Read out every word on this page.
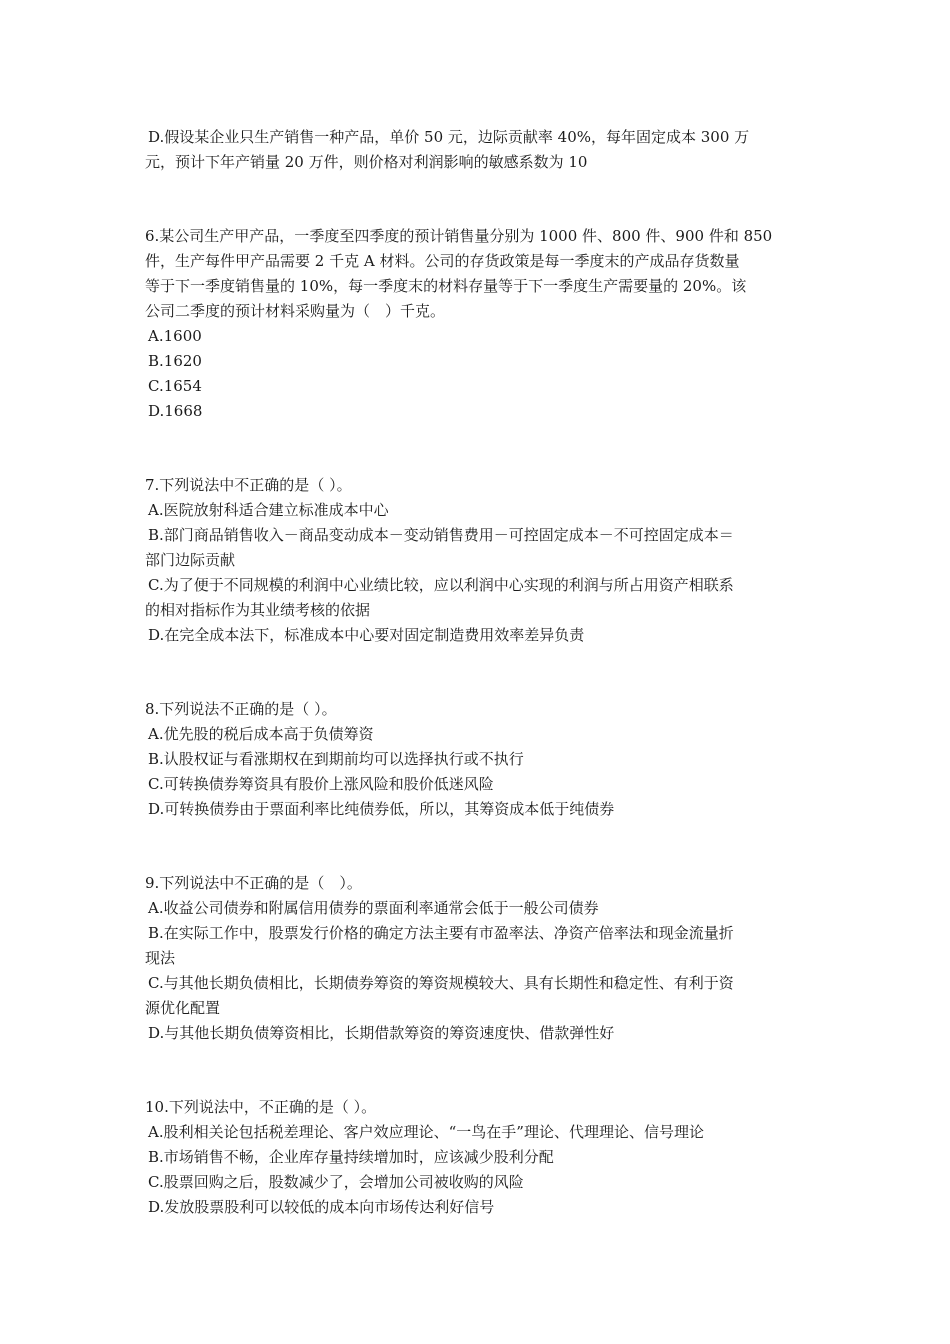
D.假设某企业只生产销售一种产品，单价 50 元，边际贡献率 40%，每年固定成本 300 万
元，预计下年产销量 20 万件，则价格对利润影响的敏感系数为 10
6.某公司生产甲产品，一季度至四季度的预计销售量分别为 1000 件、800 件、900 件和 850
件，生产每件甲产品需要 2 千克 A 材料。公司的存货政策是每一季度末的产成品存货数量
等于下一季度销售量的 10%，每一季度末的材料存量等于下一季度生产需要量的 20%。该
公司二季度的预计材料采购量为（　）千克。
A.1600
B.1620
C.1654
D.1668
7.下列说法中不正确的是（ ）。
A.医院放射科适合建立标准成本中心
B.部门商品销售收入－商品变动成本－变动销售费用－可控固定成本－不可控固定成本＝
部门边际贡献
C.为了便于不同规模的利润中心业绩比较，应以利润中心实现的利润与所占用资产相联系
的相对指标作为其业绩考核的依据
D.在完全成本法下，标准成本中心要对固定制造费用效率差异负责
8.下列说法不正确的是（ ）。
A.优先股的税后成本高于负债筹资
B.认股权证与看涨期权在到期前均可以选择执行或不执行
C.可转换债券筹资具有股价上涨风险和股价低迷风险
D.可转换债券由于票面利率比纯债券低，所以，其筹资成本低于纯债券
9.下列说法中不正确的是（　）。
A.收益公司债券和附属信用债券的票面利率通常会低于一般公司债券
B.在实际工作中，股票发行价格的确定方法主要有市盈率法、净资产倍率法和现金流量折
现法
C.与其他长期负债相比，长期债券筹资的筹资规模较大、具有长期性和稳定性、有利于资
源优化配置
D.与其他长期负债筹资相比，长期借款筹资的筹资速度快、借款弹性好
10.下列说法中，不正确的是（ ）。
A.股利相关论包括税差理论、客户效应理论、“一鸟在手”理论、代理理论、信号理论
B.市场销售不畅，企业库存量持续增加时，应该减少股利分配
C.股票回购之后，股数减少了，会增加公司被收购的风险
D.发放股票股利可以较低的成本向市场传达利好信号
